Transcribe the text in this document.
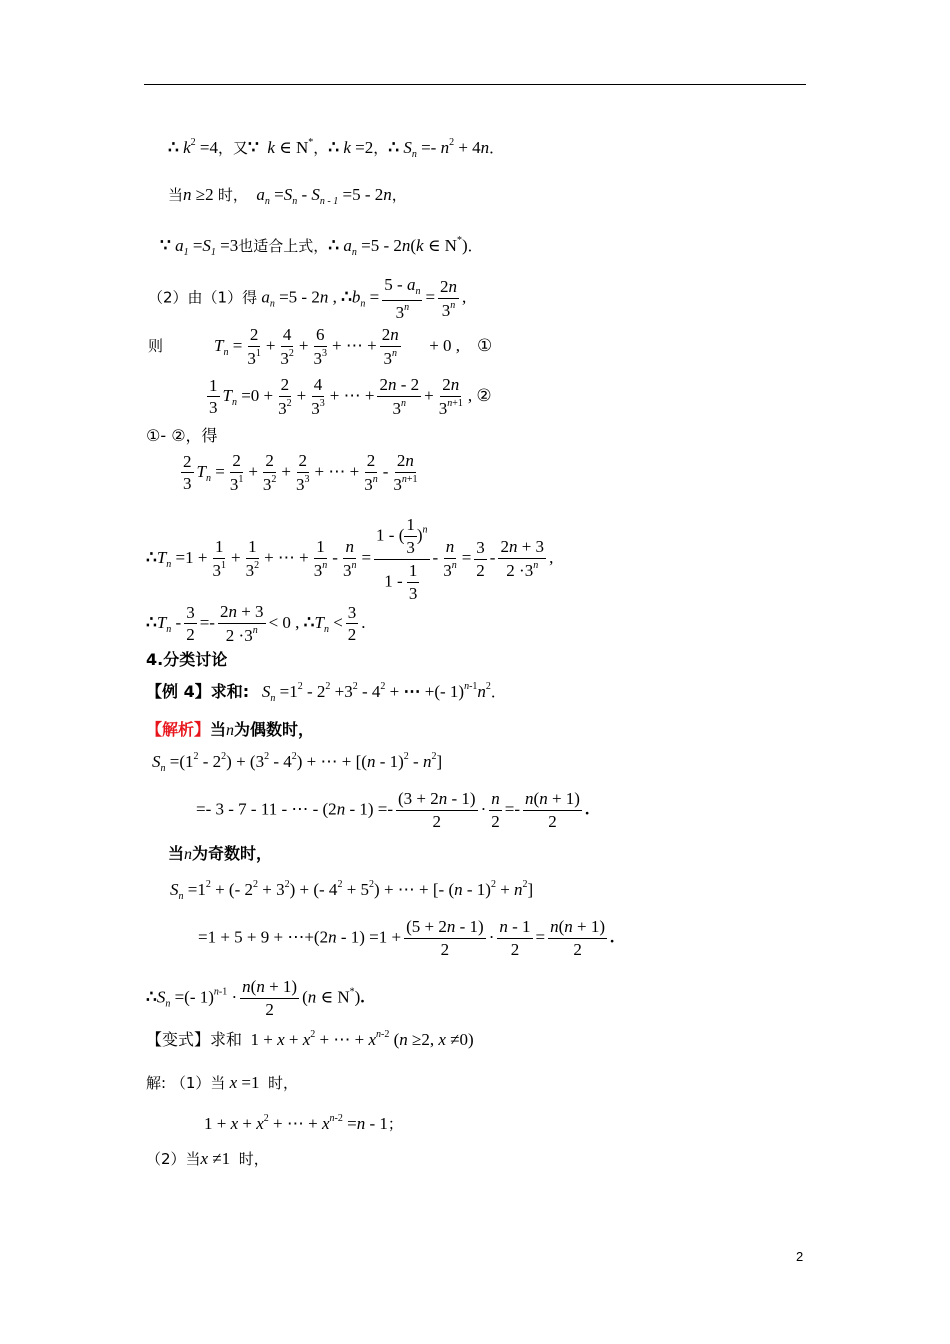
∴ $k^2 =4$，又∵ k ∈ N*，∴ k =2，∴ $S_n =- n^2 + 4n$．
当n ≥2 时， $a_n =S_n - S_{n - 1} =5 - 2n$，
∵ $a_1 =S_1 =3$也适合上式，∴ $a_n =5 - 2n(k$ ∈ N*)．
（2）由（1）得 $a_n =5 - 2n$ , $\therefore b_n = \frac{5 - a_n}{3^n} = \frac{2n}{3^n}$ ,
则	$T_n = \frac{2}{3^1} + \frac{4}{3^2} + \frac{6}{3^3}$ + ⋯ + $\frac{2n}{3^n} + 0$ ,    ①
$\frac{1}{3} T_n =0 + \frac{2}{3^2} + \frac{4}{3^3}$ + ⋯ + $\frac{2n - 2}{3^n} + \frac{2n}{3^{n+1}}$ , ②
①- ②，得
$\frac{2}{3} T_n = \frac{2}{3^1} + \frac{2}{3^2} + \frac{2}{3^3}$ + ⋯ + $\frac{2}{3^n} - \frac{2n}{3^{n+1}}$
$\therefore T_n =1 + \frac{1}{3^1} + \frac{1}{3^2}$ + ⋯ + $\frac{1}{3^n} - \frac{n}{3^n} = \frac{1 - ( \frac{1}{3} )^n}{1 - \frac{1}{3}} - \frac{n}{3^n} = \frac{3}{2} - \frac{2n + 3}{2 \cdot 3^n}$ ,
$\therefore T_n - \frac{3}{2} =- \frac{2n + 3}{2 \cdot 3^n} < 0$ , $\therefore T_n < \frac{3}{2}$ .
4.分类讨论
【例 4】求和: $S_n =1^2 - 2^2 +3^2 - 4^2$ + ⋯ +(- $1)^{n-1}n^2$．
【解析】当n为偶数时，
$S_n =(1^2 - 2^2) + (3^2 - 4^2)$ + ⋯ + $[(n - 1)^2 - n^2]$
=- 3 - 7 - 11 - ⋯ - $(2n - 1) =- \frac{(3 + 2n - 1)}{2} \cdot \frac{n}{2} =- \frac{n(n + 1)}{2}$ .
当n为奇数时，
$S_n =1^2$ + (- $2^2 + 3^2$) + (- $4^2 + 5^2$) + ⋯ + [- $(n - 1)^2 + n^2$]
=1 + 5 + 9 + ⋯+(2n - $1) =1 + \frac{(5 + 2n - 1)}{2} \cdot \frac{n - 1}{2} = \frac{n(n + 1)}{2}$ .
$\therefore S_n$ =(- $1)^{n-1} \cdot \frac{n(n + 1)}{2} (n$ ∈ N*).
【变式】求和  $1 + x + x^2$ + ⋯ + $x^{n-2}$ (n ≥2, x ≠0)
解: （1）当 x =1  时，
$1 + x + x^2$ + ⋯ + $x^{n-2} =n - 1$；
（2）当x ≠1  时，
2
